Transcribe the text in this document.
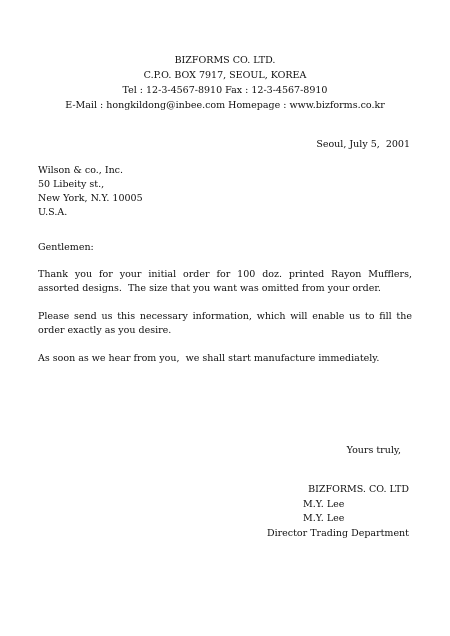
BIZFORMS CO. LTD.
C.P.O. BOX 7917, SEOUL, KOREA
Tel : 12-3-4567-8910 Fax : 12-3-4567-8910
E-Mail : hongkildong@inbee.com Homepage : www.bizforms.co.kr
Seoul, July 5,  2001
Wilson & co., Inc.
50 Libeity st.,
New York, N.Y. 10005
U.S.A.
Gentlemen:

Thank you for your initial order for 100 doz. printed Rayon Mufflers, assorted designs.  The size that you want was omitted from your order.

Please send us this necessary information, which will enable us to fill the order exactly as you desire.

As soon as we hear from you,  we shall start manufacture immediately.

Yours truly,
BIZFORMS. CO. LTD
M.Y. Lee
M.Y. Lee
Director Trading Department
